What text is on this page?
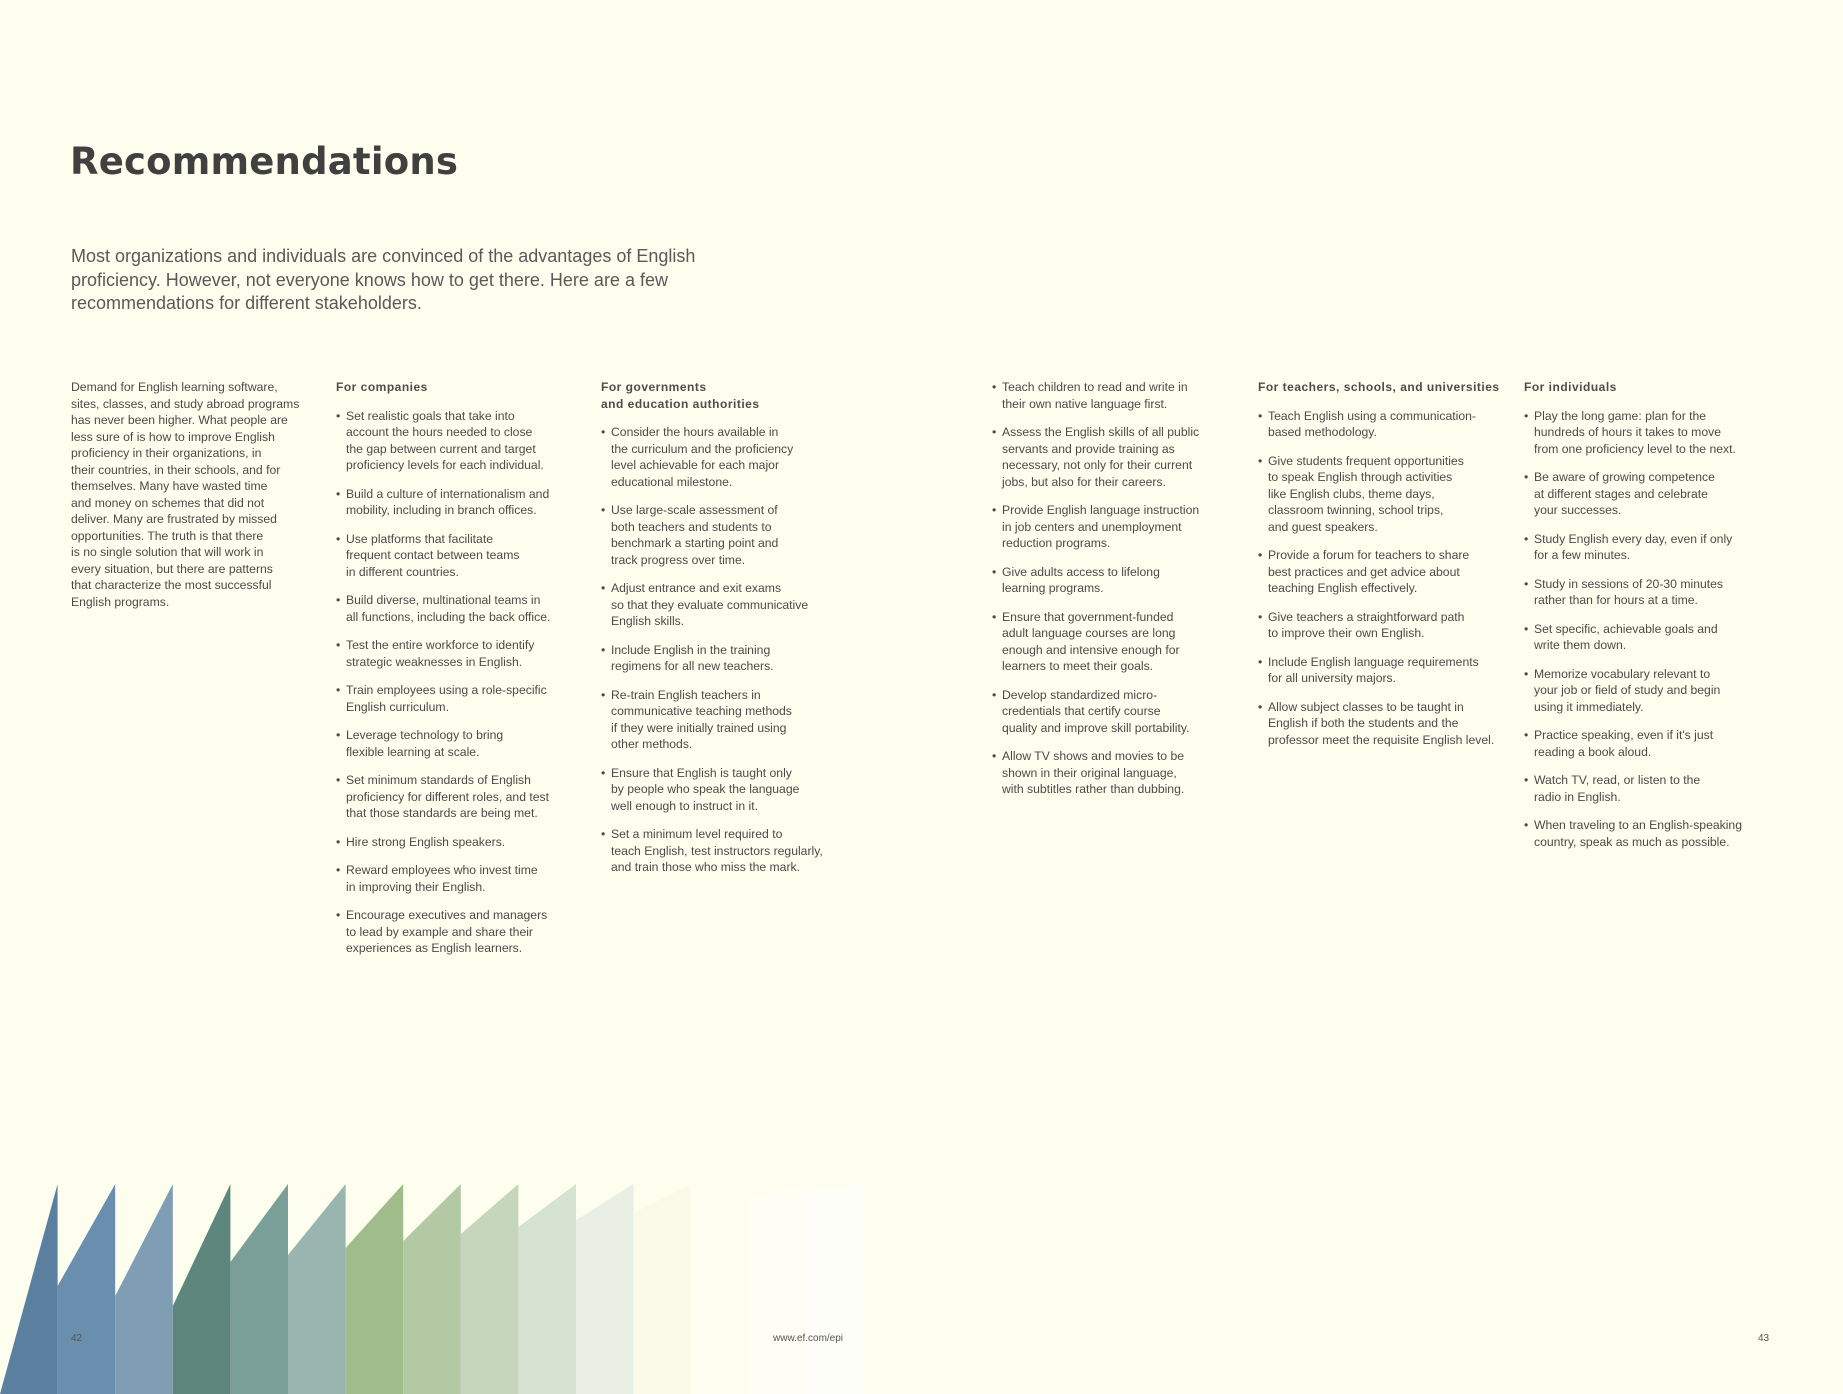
Recommendations

Most organizations and individuals are convinced of the advantages of English proficiency. However, not everyone knows how to get there. Here are a few recommendations for different stakeholders.

Demand for English learning software,
sites, classes, and study abroad programs
has never been higher. What people are
less sure of is how to improve English
proficiency in their organizations, in
their countries, in their schools, and for
themselves. Many have wasted time
and money on schemes that did not
deliver. Many are frustrated by missed
opportunities. The truth is that there
is no single solution that will work in
every situation, but there are patterns
that characterize the most successful
English programs.

For companies
• Set realistic goals that take into
account the hours needed to close
the gap between current and target
proficiency levels for each individual.
• Build a culture of internationalism and
mobility, including in branch offices.
• Use platforms that facilitate
frequent contact between teams
in different countries.
• Build diverse, multinational teams in
all functions, including the back office.
• Test the entire workforce to identify
strategic weaknesses in English.
• Train employees using a role-specific
English curriculum.
• Leverage technology to bring
flexible learning at scale.
• Set minimum standards of English
proficiency for different roles, and test
that those standards are being met.
• Hire strong English speakers.
• Reward employees who invest time
in improving their English.
• Encourage executives and managers
to lead by example and share their
experiences as English learners.
For governments
and education authorities
• Consider the hours available in
the curriculum and the proficiency
level achievable for each major
educational milestone.
• Use large-scale assessment of
both teachers and students to
benchmark a starting point and
track progress over time.
• Adjust entrance and exit exams
so that they evaluate communicative
English skills.
• Include English in the training
regimens for all new teachers.
• Re-train English teachers in
communicative teaching methods
if they were initially trained using
other methods.
• Ensure that English is taught only
by people who speak the language
well enough to instruct in it.
• Set a minimum level required to
teach English, test instructors regularly,
and train those who miss the mark.
• Teach children to read and write in
their own native language first.
• Assess the English skills of all public
servants and provide training as
necessary, not only for their current
jobs, but also for their careers.
• Provide English language instruction
in job centers and unemployment
reduction programs.
• Give adults access to lifelong
learning programs.
• Ensure that government-funded
adult language courses are long
enough and intensive enough for
learners to meet their goals.
• Develop standardized micro-
credentials that certify course
quality and improve skill portability.
• Allow TV shows and movies to be
shown in their original language,
with subtitles rather than dubbing.
For teachers, schools, and universities
• Teach English using a communication-
based methodology.
• Give students frequent opportunities
to speak English through activities
like English clubs, theme days,
classroom twinning, school trips,
and guest speakers.
• Provide a forum for teachers to share
best practices and get advice about
teaching English effectively.
• Give teachers a straightforward path
to improve their own English.
• Include English language requirements
for all university majors.
• Allow subject classes to be taught in
English if both the students and the
professor meet the requisite English level.
For individuals
• Play the long game: plan for the
hundreds of hours it takes to move
from one proficiency level to the next.
• Be aware of growing competence
at different stages and celebrate
your successes.
• Study English every day, even if only
for a few minutes.
• Study in sessions of 20-30 minutes
rather than for hours at a time.
• Set specific, achievable goals and
write them down.
• Memorize vocabulary relevant to
your job or field of study and begin
using it immediately.
• Practice speaking, even if it's just
reading a book aloud.
• Watch TV, read, or listen to the
radio in English.
• When traveling to an English-speaking
country, speak as much as possible.
42	www.ef.com/epi	43
